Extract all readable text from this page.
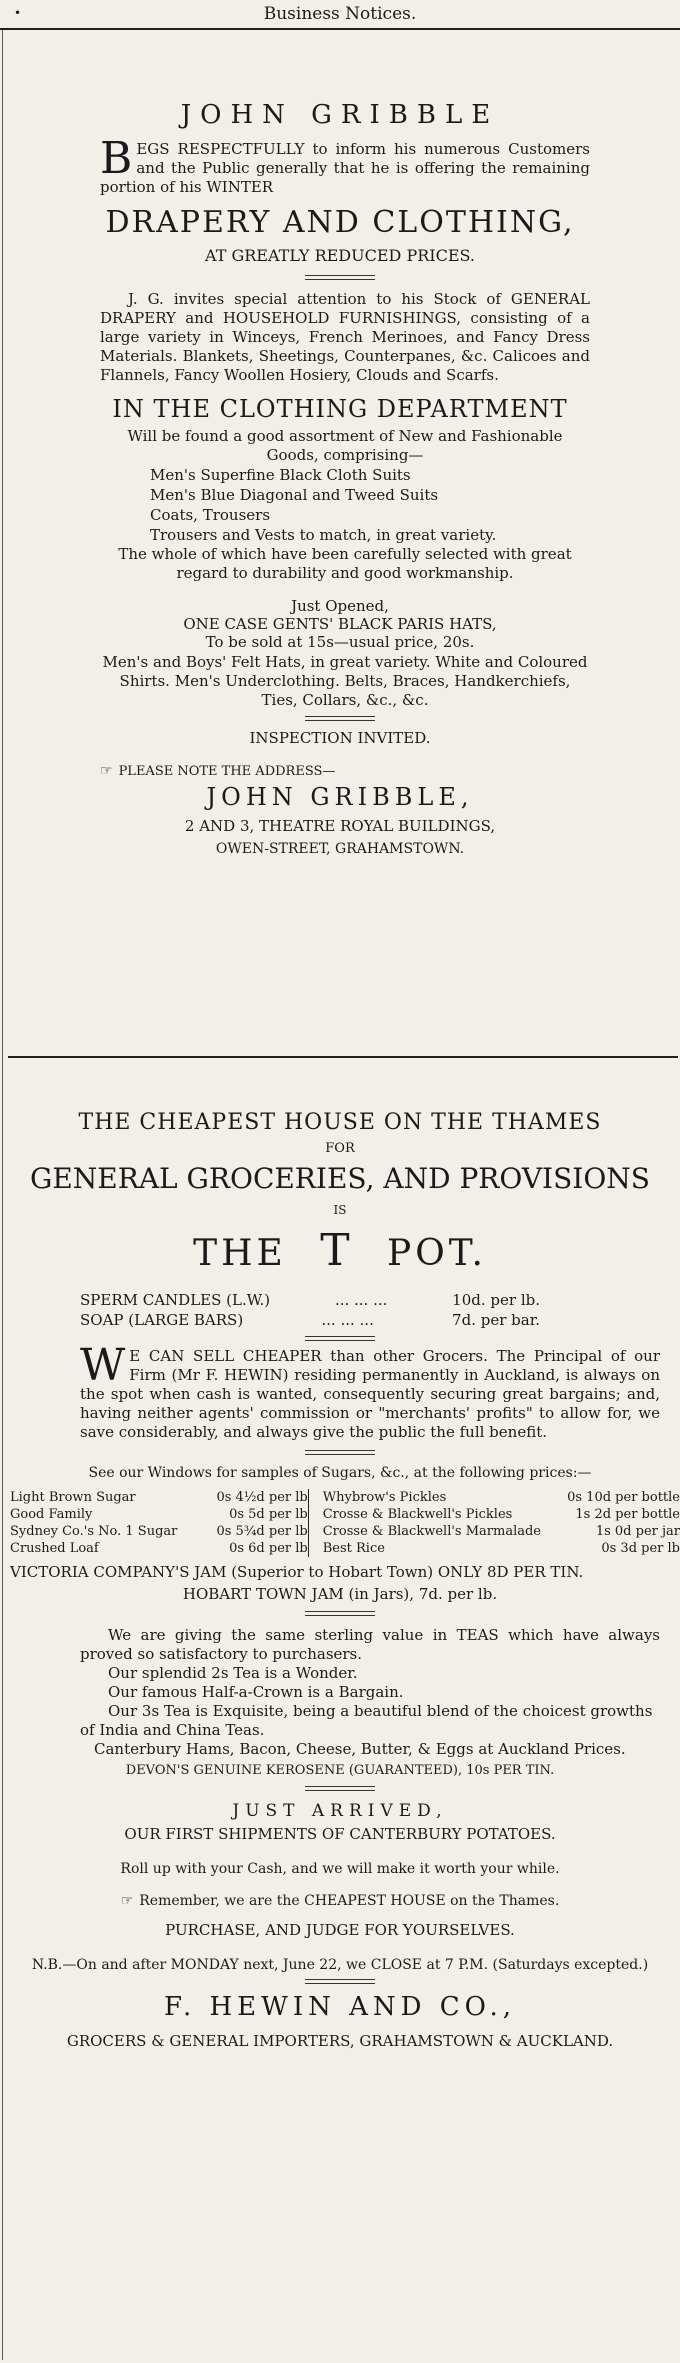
•	Business Notices.
JOHN GRIBBLE
BEGS RESPECTFULLY to inform his numerous Customers and the Public generally that he is offering the remaining portion of his WINTER
DRAPERY AND CLOTHING,
AT GREATLY REDUCED PRICES.
J. G. invites special attention to his Stock of GENERAL DRAPERY and HOUSEHOLD FURNISHINGS, consisting of a large variety in Winceys, French Merinoes, and Fancy Dress Materials. Blankets, Sheetings, Counterpanes, &c. Calicoes and Flannels, Fancy Woollen Hosiery, Clouds and Scarfs.
IN THE CLOTHING DEPARTMENT
Will be found a good assortment of New and Fashionable Goods, comprising—
Men's Superfine Black Cloth Suits
Men's Blue Diagonal and Tweed Suits
Coats, Trousers
Trousers and Vests to match, in great variety.
The whole of which have been carefully selected with great regard to durability and good workmanship.
Just Opened,
ONE CASE GENTS' BLACK PARIS HATS,
To be sold at 15s—usual price, 20s.
Men's and Boys' Felt Hats, in great variety. White and Coloured Shirts. Men's Underclothing. Belts, Braces, Handkerchiefs, Ties, Collars, &c., &c.
INSPECTION INVITED.
☞ PLEASE NOTE THE ADDRESS—
JOHN GRIBBLE,
2 AND 3, THEATRE ROYAL BUILDINGS,
OWEN-STREET, GRAHAMSTOWN.
THE CHEAPEST HOUSE ON THE THAMES
FOR
GENERAL GROCERIES, AND PROVISIONS
IS
THE T POT.
SPERM CANDLES (L.W.)	... ... ...	10d. per lb.
SOAP (LARGE BARS)	... ... ...	7d. per bar.
W E CAN SELL CHEAPER than other Grocers. The Principal of our Firm (Mr F. HEWIN) residing permanently in Auckland, is always on the spot when cash is wanted, consequently securing great bargains; and, having neither agents' commission or "merchants' profits" to allow for, we save considerably, and always give the public the full benefit.
See our Windows for samples of Sugars, &c., at the following prices:—
Light Brown Sugar	0s 4½d per lb
Good Family	0s 5d per lb
Sydney Co.'s No. 1 Sugar	0s 5¾d per lb
Crushed Loaf	0s 6d per lb
Whybrow's Pickles	0s 10d per bottle
Crosse & Blackwell's Pickles	1s 2d per bottle
Crosse & Blackwell's Marmalade	1s 0d per jar
Best Rice	0s 3d per lb
VICTORIA COMPANY'S JAM (Superior to Hobart Town) ONLY 8D PER TIN.
HOBART TOWN JAM (in Jars), 7d. per lb.
We are giving the same sterling value in TEAS which have always proved so satisfactory to purchasers.
Our splendid 2s Tea is a Wonder.
Our famous Half-a-Crown is a Bargain.
Our 3s Tea is Exquisite, being a beautiful blend of the choicest growths of India and China Teas.
Canterbury Hams, Bacon, Cheese, Butter, & Eggs at Auckland Prices.
DEVON'S GENUINE KEROSENE (GUARANTEED), 10s PER TIN.
JUST ARRIVED,
OUR FIRST SHIPMENTS OF CANTERBURY POTATOES.
Roll up with your Cash, and we will make it worth your while.
☞ Remember, we are the CHEAPEST HOUSE on the Thames.
PURCHASE, AND JUDGE FOR YOURSELVES.
N.B.—On and after MONDAY next, June 22, we CLOSE at 7 P.M. (Saturdays excepted.)
F. HEWIN AND CO.,
GROCERS & GENERAL IMPORTERS, GRAHAMSTOWN & AUCKLAND.
